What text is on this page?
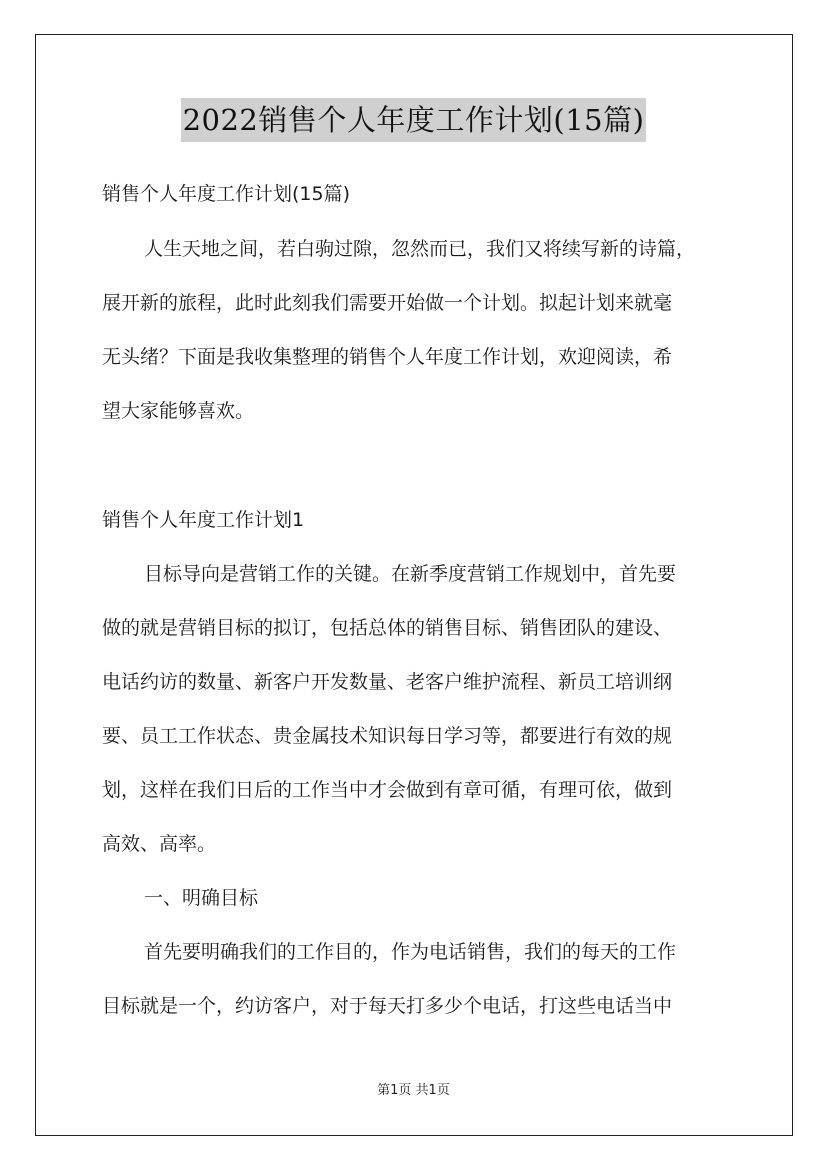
2022销售个人年度工作计划(15篇)
销售个人年度工作计划(15篇)
人生天地之间，若白驹过隙，忽然而已，我们又将续写新的诗篇，
展开新的旅程，此时此刻我们需要开始做一个计划。拟起计划来就毫
无头绪？下面是我收集整理的销售个人年度工作计划，欢迎阅读，希
望大家能够喜欢。
销售个人年度工作计划1
目标导向是营销工作的关键。在新季度营销工作规划中，首先要
做的就是营销目标的拟订，包括总体的销售目标、销售团队的建设、
电话约访的数量、新客户开发数量、老客户维护流程、新员工培训纲
要、员工工作状态、贵金属技术知识每日学习等，都要进行有效的规
划，这样在我们日后的工作当中才会做到有章可循，有理可依，做到
高效、高率。
一、明确目标
首先要明确我们的工作目的，作为电话销售，我们的每天的工作
目标就是一个，约访客户，对于每天打多少个电话，打这些电话当中
第1页 共1页
